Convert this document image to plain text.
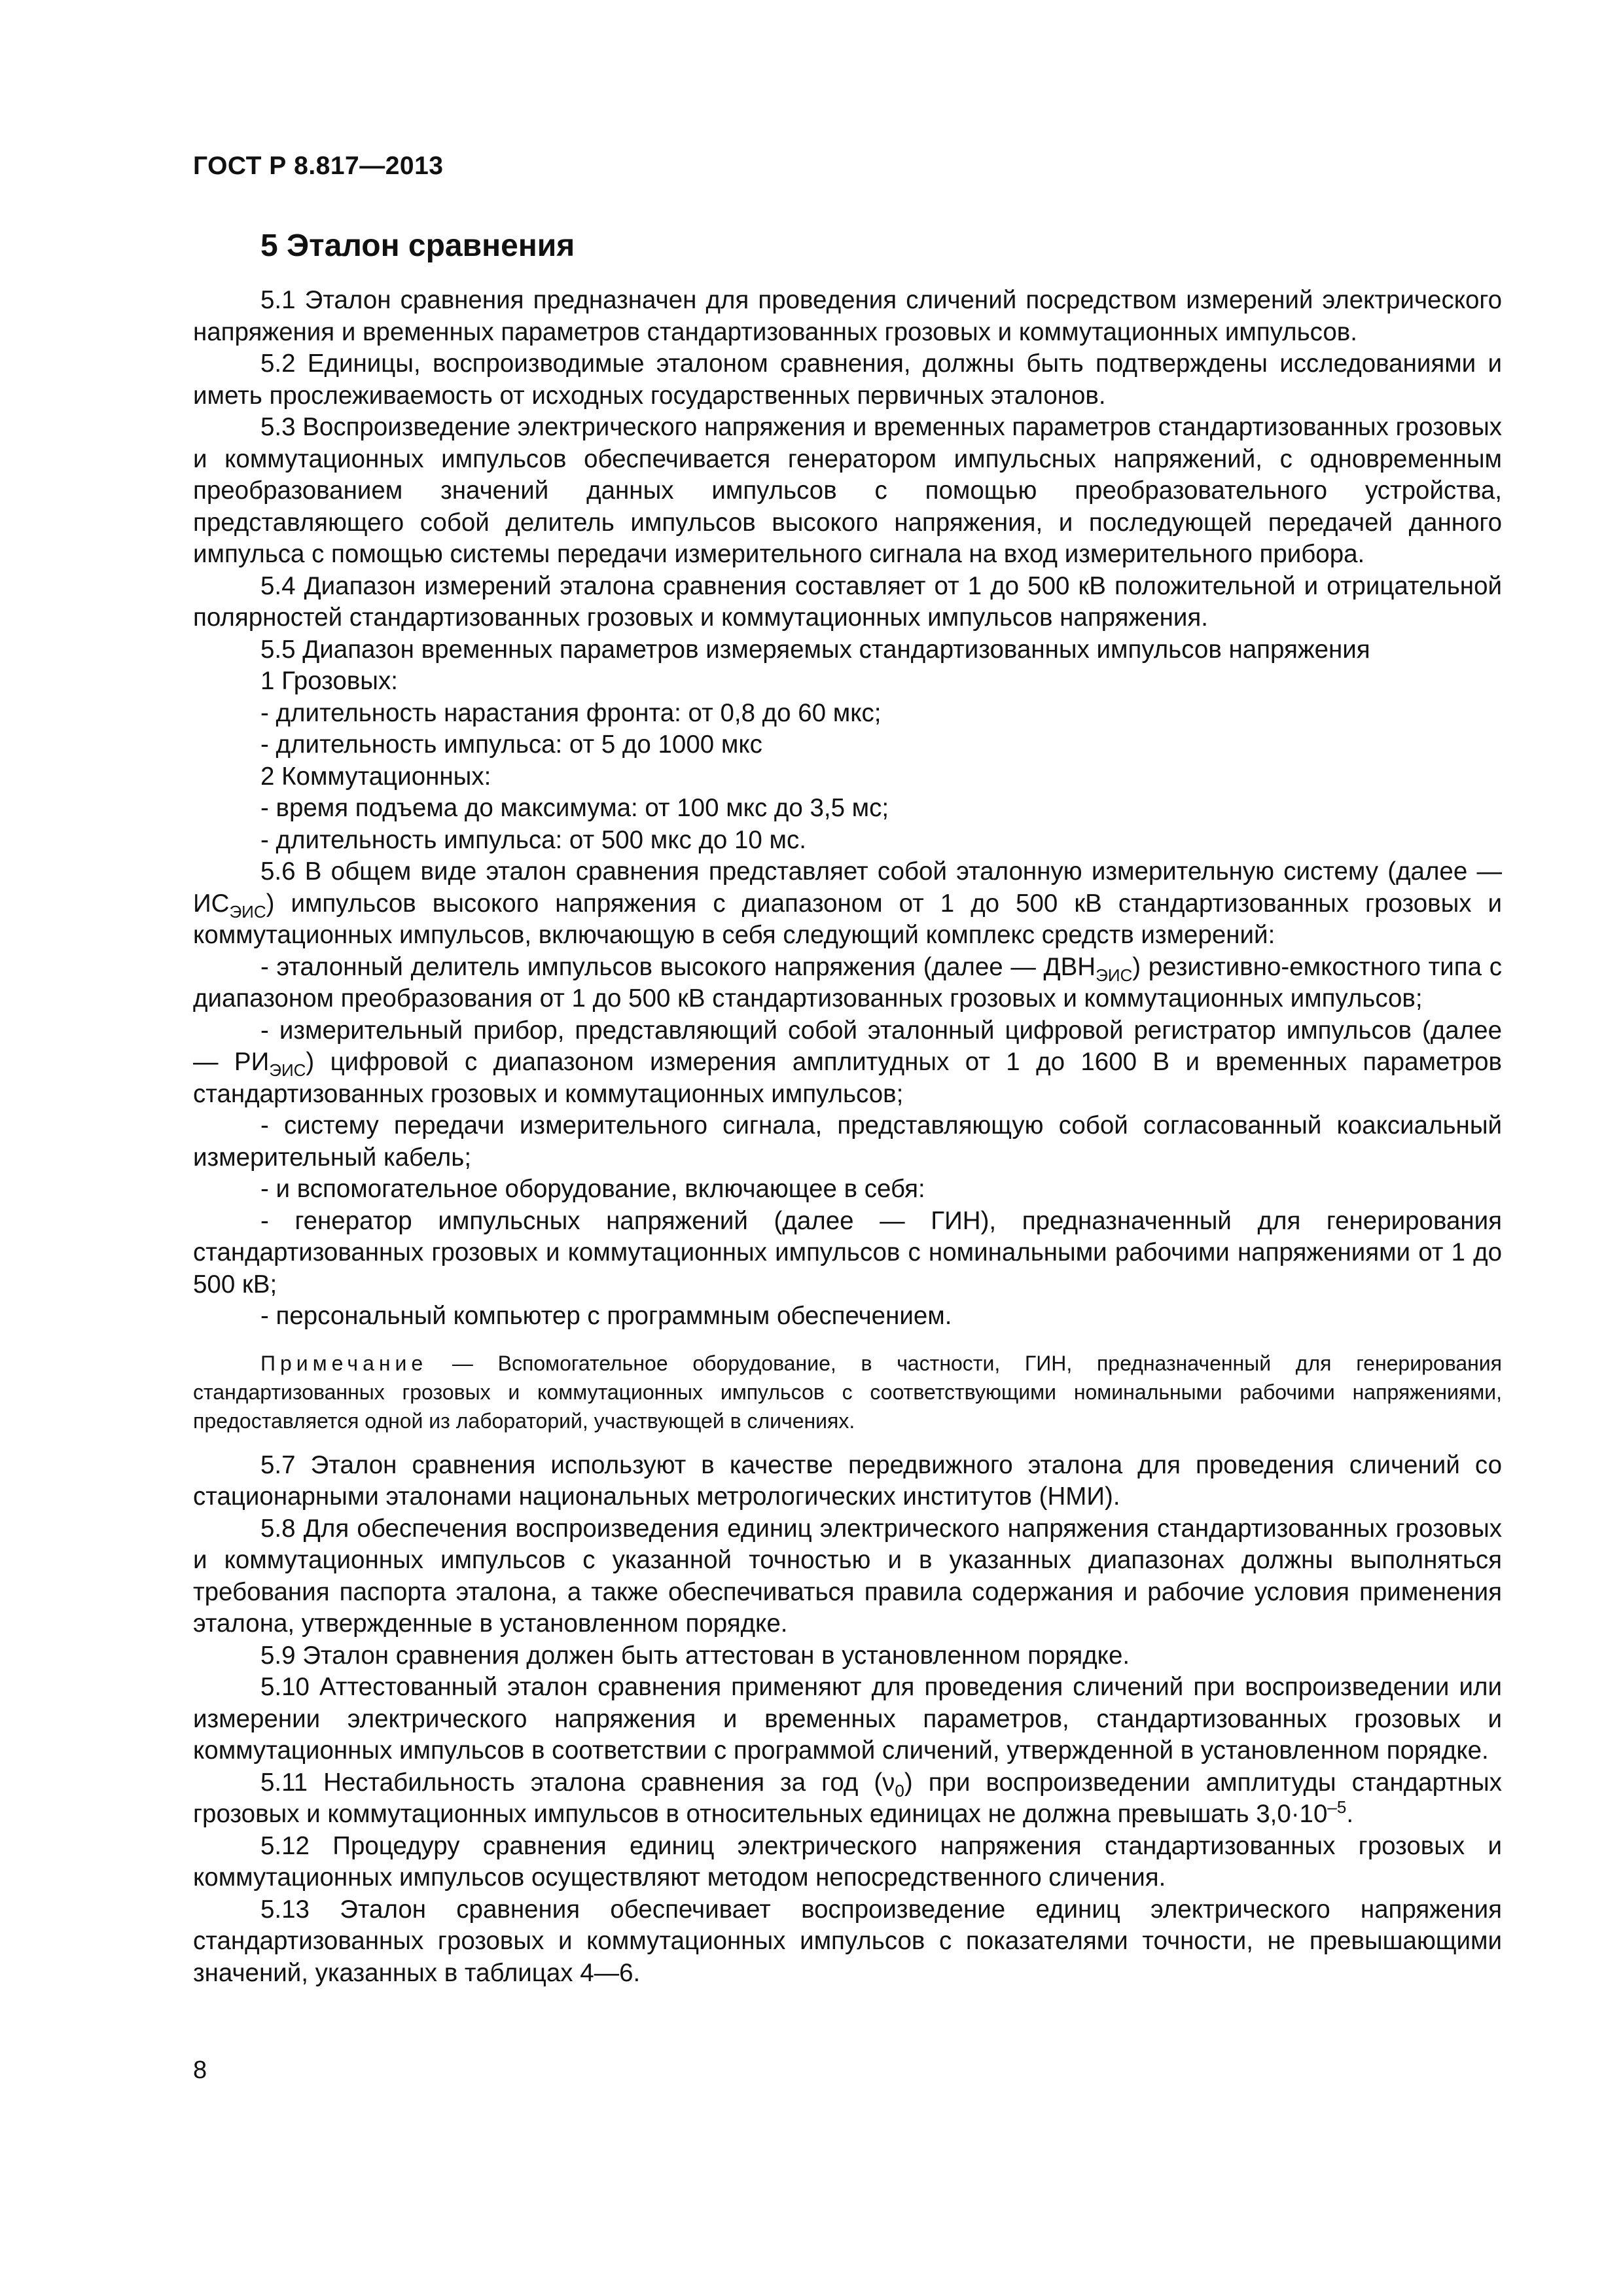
ГОСТ Р 8.817—2013
5 Эталон сравнения

5.1 Эталон сравнения предназначен для проведения сличений посредством измерений электрического напряжения и временных параметров стандартизованных грозовых и коммутационных импульсов.

5.2 Единицы, воспроизводимые эталоном сравнения, должны быть подтверждены исследованиями и иметь прослеживаемость от исходных государственных первичных эталонов.

5.3 Воспроизведение электрического напряжения и временных параметров стандартизованных грозовых и коммутационных импульсов обеспечивается генератором импульсных напряжений, с одновременным преобразованием значений данных импульсов с помощью преобразовательного устройства, представляющего собой делитель импульсов высокого напряжения, и последующей передачей данного импульса с помощью системы передачи измерительного сигнала на вход измерительного прибора.

5.4 Диапазон измерений эталона сравнения составляет от 1 до 500 кВ положительной и отрицательной полярностей стандартизованных грозовых и коммутационных импульсов напряжения.

5.5 Диапазон временных параметров измеряемых стандартизованных импульсов напряжения

1 Грозовых:

- длительность нарастания фронта: от 0,8 до 60 мкс;

- длительность импульса: от 5 до 1000 мкс

2 Коммутационных:

- время подъема до максимума: от 100 мкс до 3,5 мс;

- длительность импульса: от 500 мкс до 10 мс.

5.6 В общем виде эталон сравнения представляет собой эталонную измерительную систему (далее — $ИС_{ЭИС}$) импульсов высокого напряжения с диапазоном от 1 до 500 кВ стандартизованных грозовых и коммутационных импульсов, включающую в себя следующий комплекс средств измерений:

- эталонный делитель импульсов высокого напряжения (далее — $ДВН_{ЭИС}$) резистивно-емкостного типа с диапазоном преобразования от 1 до 500 кВ стандартизованных грозовых и коммутационных импульсов;

- измерительный прибор, представляющий собой эталонный цифровой регистратор импульсов (далее — $РИ_{ЭИС}$) цифровой с диапазоном измерения амплитудных от 1 до 1600 В и временных параметров стандартизованных грозовых и коммутационных импульсов;

- систему передачи измерительного сигнала, представляющую собой согласованный коаксиальный измерительный кабель;

- и вспомогательное оборудование, включающее в себя:

- генератор импульсных напряжений (далее — ГИН), предназначенный для генерирования стандартизованных грозовых и коммутационных импульсов с номинальными рабочими напряжениями от 1 до 500 кВ;

- персональный компьютер с программным обеспечением.

Примечание — Вспомогательное оборудование, в частности, ГИН, предназначенный для генерирования стандартизованных грозовых и коммутационных импульсов с соответствующими номинальными рабочими напряжениями, предоставляется одной из лабораторий, участвующей в сличениях.

5.7 Эталон сравнения используют в качестве передвижного эталона для проведения сличений со стационарными эталонами национальных метрологических институтов (НМИ).

5.8 Для обеспечения воспроизведения единиц электрического напряжения стандартизованных грозовых и коммутационных импульсов с указанной точностью и в указанных диапазонах должны выполняться требования паспорта эталона, а также обеспечиваться правила содержания и рабочие условия применения эталона, утвержденные в установленном порядке.

5.9 Эталон сравнения должен быть аттестован в установленном порядке.

5.10 Аттестованный эталон сравнения применяют для проведения сличений при воспроизведении или измерении электрического напряжения и временных параметров, стандартизованных грозовых и коммутационных импульсов в соответствии с программой сличений, утвержденной в установленном порядке.

5.11 Нестабильность эталона сравнения за год $(\nu_0)$ при воспроизведении амплитуды стандартных грозовых и коммутационных импульсов в относительных единицах не должна превышать $3,0\cdot 10^{-5}$.

5.12 Процедуру сравнения единиц электрического напряжения стандартизованных грозовых и коммутационных импульсов осуществляют методом непосредственного сличения.

5.13 Эталон сравнения обеспечивает воспроизведение единиц электрического напряжения стандартизованных грозовых и коммутационных импульсов с показателями точности, не превышающими значений, указанных в таблицах 4—6.

8
